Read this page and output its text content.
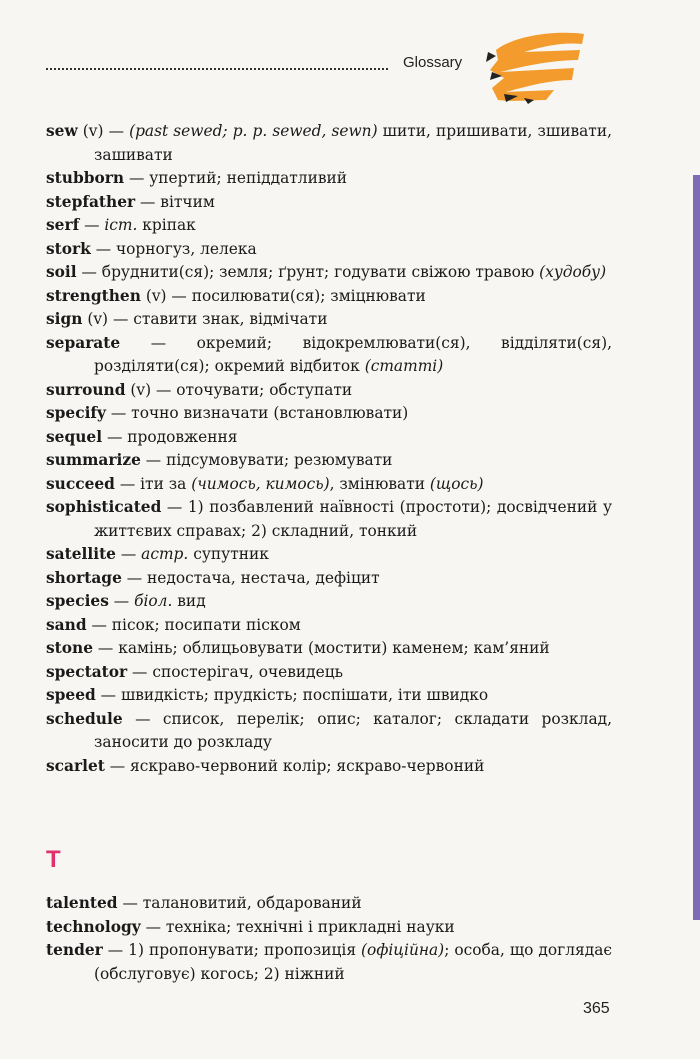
Glossary
sew (v) — (past sewed; p. p. sewed, sewn) шити, пришивати, зшивати, зашивати
stubborn — упертий; непіддатливий
stepfather — вітчим
serf — іст. кріпак
stork — чорногуз, лелека
soil — бруднити(ся); земля; ґрунт; годувати свіжою травою (худобу)
strengthen (v) — посилювати(ся); зміцнювати
sign (v) — ставити знак, відмічати
separate — окремий; відокремлювати(ся), відділяти(ся), розділяти(ся); окремий відбиток (статті)
surround (v) — оточувати; обступати
specify — точно визначати (встановлювати)
sequel — продовження
summarize — підсумовувати; резюмувати
succeed — іти за (чимось, кимось), змінювати (щось)
sophisticated — 1) позбавлений наївності (простоти); досвідчений у життєвих справах; 2) складний, тонкий
satellite — астр. супутник
shortage — недостача, нестача, дефіцит
species — біол. вид
sand — пісок; посипати піском
stone — камінь; облицьовувати (мостити) каменем; кам’яний
spectator — спостерігач, очевидець
speed — швидкість; прудкість; поспішати, іти швидко
schedule — список, перелік; опис; каталог; складати розклад, заносити до розкладу
scarlet — яскраво-червоний колір; яскраво-червоний
T
talented — талановитий, обдарований
technology — техніка; технічні і прикладні науки
tender — 1) пропонувати; пропозиція (офіційна); особа, що доглядає (обслуговує) когось; 2) ніжний
365
